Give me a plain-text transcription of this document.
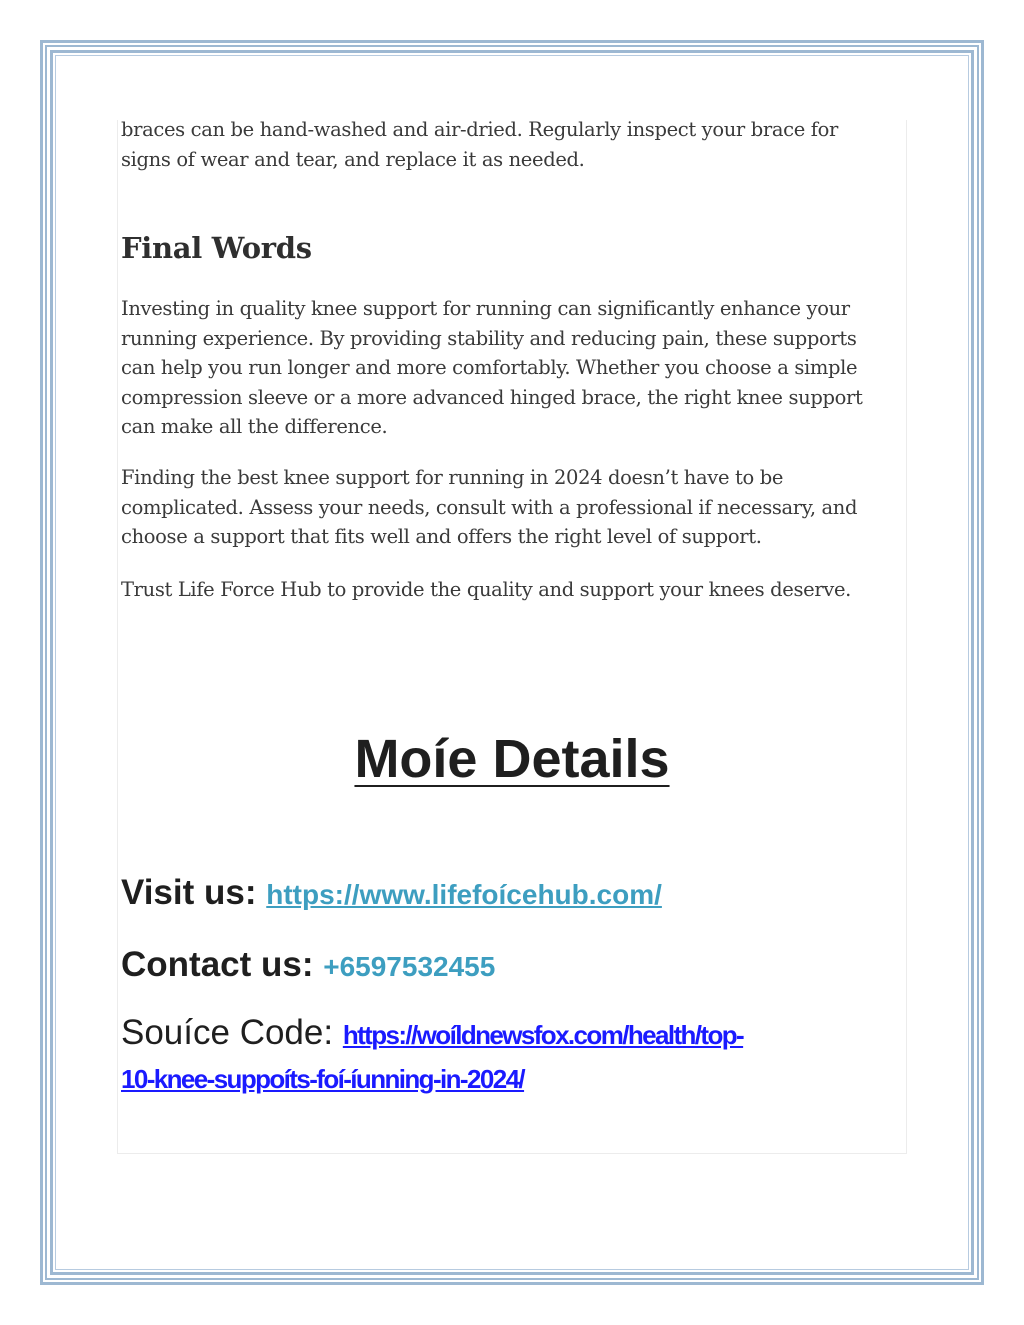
braces can be hand-washed and air-dried. Regularly inspect your brace for signs of wear and tear, and replace it as needed.

Final Words

Investing in quality knee support for running can significantly enhance your running experience. By providing stability and reducing pain, these supports can help you run longer and more comfortably. Whether you choose a simple compression sleeve or a more advanced hinged brace, the right knee support can make all the difference.

Finding the best knee support for running in 2024 doesn’t have to be complicated. Assess your needs, consult with a professional if necessary, and choose a support that fits well and offers the right level of support.

Trust Life Force Hub to provide the quality and support your knees deserve.

Moíe Details

Visit us: https://www.lifefoícehub.com/

Contact us: +6597532455

Souíce Code: https://woíldnewsfox.com/health/top-

10-knee-suppoíts-foí-íunning-in-2024/
